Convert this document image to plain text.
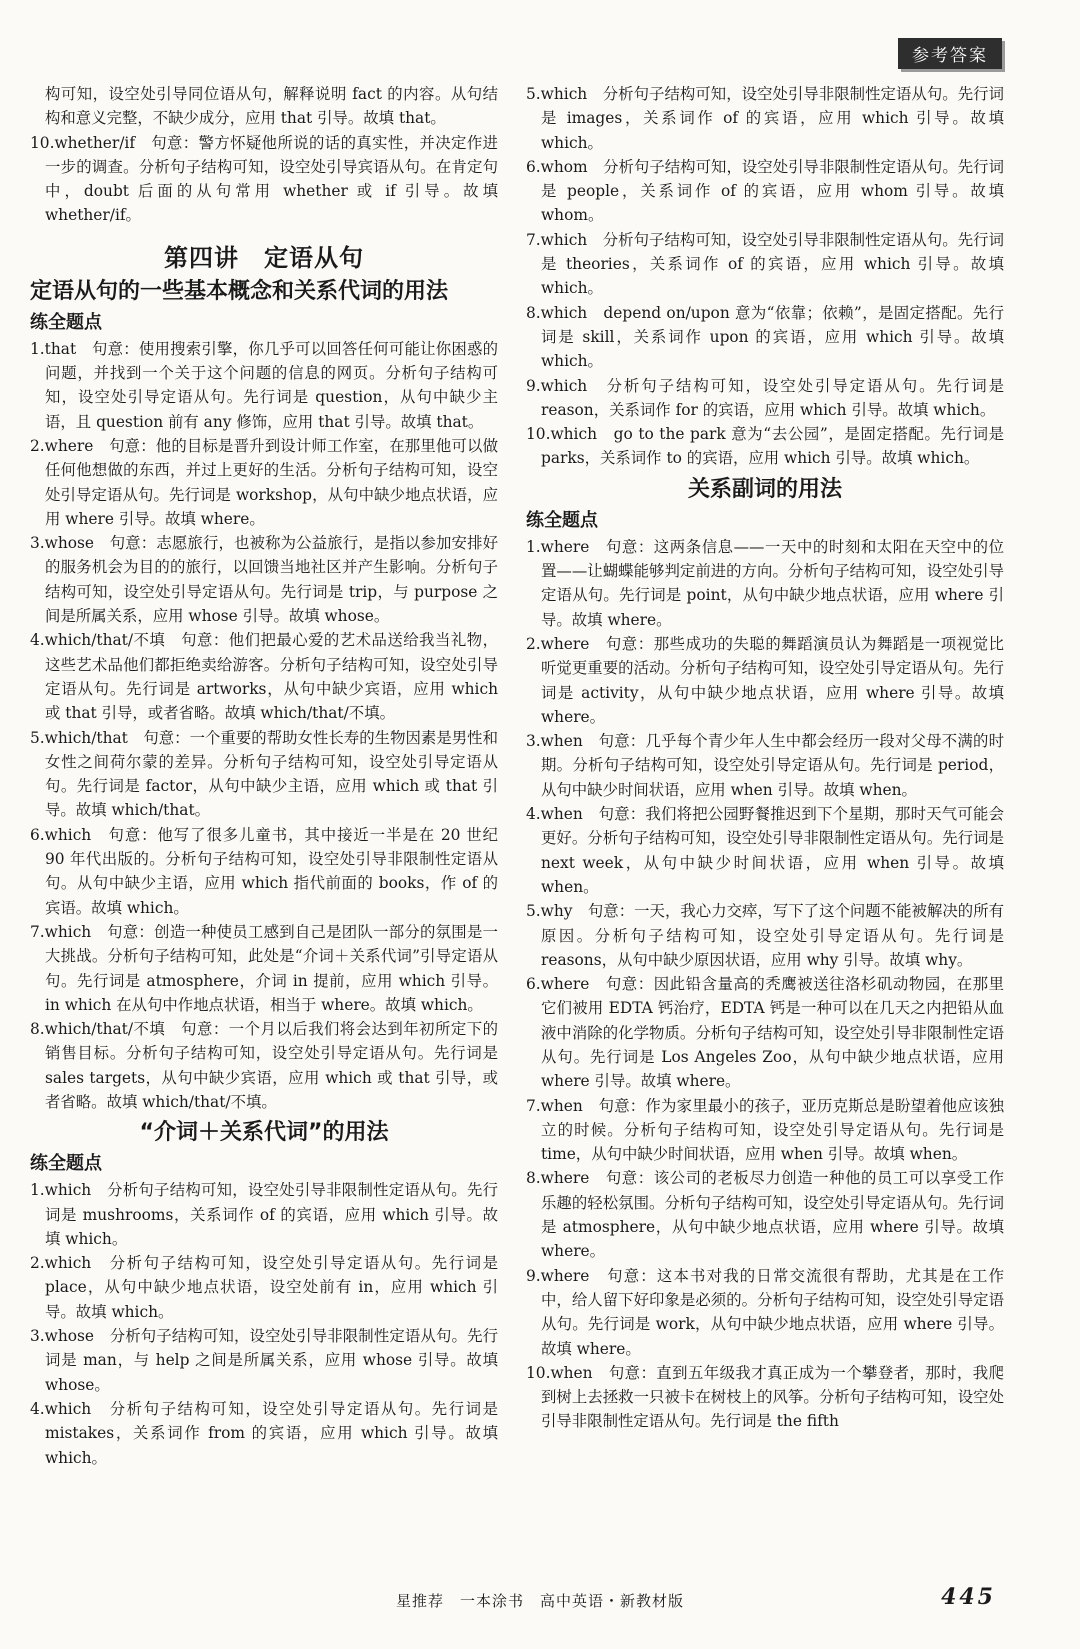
参考答案

构可知，设空处引导同位语从句，解释说明 fact 的内容。从句结构和意义完整，不缺少成分，应用 that 引导。故填 that。

10.whether/if　句意：警方怀疑他所说的话的真实性，并决定作进一步的调查。分析句子结构可知，设空处引导宾语从句。在肯定句中，doubt 后面的从句常用 whether 或 if 引导。故填 whether/if。

第四讲　定语从句
定语从句的一些基本概念和关系代词的用法
练全题点

1.that　句意：使用搜索引擎，你几乎可以回答任何可能让你困惑的问题，并找到一个关于这个问题的信息的网页。分析句子结构可知，设空处引导定语从句。先行词是 question，从句中缺少主语，且 question 前有 any 修饰，应用 that 引导。故填 that。

2.where　句意：他的目标是晋升到设计师工作室，在那里他可以做任何他想做的东西，并过上更好的生活。分析句子结构可知，设空处引导定语从句。先行词是 workshop，从句中缺少地点状语，应用 where 引导。故填 where。

3.whose　句意：志愿旅行，也被称为公益旅行，是指以参加安排好的服务机会为目的的旅行，以回馈当地社区并产生影响。分析句子结构可知，设空处引导定语从句。先行词是 trip，与 purpose 之间是所属关系，应用 whose 引导。故填 whose。

4.which/that/不填　句意：他们把最心爱的艺术品送给我当礼物，这些艺术品他们都拒绝卖给游客。分析句子结构可知，设空处引导定语从句。先行词是 artworks，从句中缺少宾语，应用 which 或 that 引导，或者省略。故填 which/that/不填。

5.which/that　句意：一个重要的帮助女性长寿的生物因素是男性和女性之间荷尔蒙的差异。分析句子结构可知，设空处引导定语从句。先行词是 factor，从句中缺少主语，应用 which 或 that 引导。故填 which/that。

6.which　句意：他写了很多儿童书，其中接近一半是在 20 世纪 90 年代出版的。分析句子结构可知，设空处引导非限制性定语从句。从句中缺少主语，应用 which 指代前面的 books，作 of 的宾语。故填 which。

7.which　句意：创造一种使员工感到自己是团队一部分的氛围是一大挑战。分析句子结构可知，此处是“介词＋关系代词”引导定语从句。先行词是 atmosphere，介词 in 提前，应用 which 引导。in which 在从句中作地点状语，相当于 where。故填 which。

8.which/that/不填　句意：一个月以后我们将会达到年初所定下的销售目标。分析句子结构可知，设空处引导定语从句。先行词是 sales targets，从句中缺少宾语，应用 which 或 that 引导，或者省略。故填 which/that/不填。

“介词＋关系代词”的用法
练全题点

1.which　分析句子结构可知，设空处引导非限制性定语从句。先行词是 mushrooms，关系词作 of 的宾语，应用 which 引导。故填 which。

2.which　分析句子结构可知，设空处引导定语从句。先行词是 place，从句中缺少地点状语，设空处前有 in，应用 which 引导。故填 which。

3.whose　分析句子结构可知，设空处引导非限制性定语从句。先行词是 man，与 help 之间是所属关系，应用 whose 引导。故填 whose。

4.which　分析句子结构可知，设空处引导定语从句。先行词是 mistakes，关系词作 from 的宾语，应用 which 引导。故填 which。

5.which　分析句子结构可知，设空处引导非限制性定语从句。先行词是 images，关系词作 of 的宾语，应用 which 引导。故填 which。

6.whom　分析句子结构可知，设空处引导非限制性定语从句。先行词是 people，关系词作 of 的宾语，应用 whom 引导。故填 whom。

7.which　分析句子结构可知，设空处引导非限制性定语从句。先行词是 theories，关系词作 of 的宾语，应用 which 引导。故填 which。

8.which　depend on/upon 意为“依靠；依赖”，是固定搭配。先行词是 skill，关系词作 upon 的宾语，应用 which 引导。故填 which。

9.which　分析句子结构可知，设空处引导定语从句。先行词是 reason，关系词作 for 的宾语，应用 which 引导。故填 which。

10.which　go to the park 意为“去公园”，是固定搭配。先行词是 parks，关系词作 to 的宾语，应用 which 引导。故填 which。

关系副词的用法
练全题点

1.where　句意：这两条信息——一天中的时刻和太阳在天空中的位置——让蝴蝶能够判定前进的方向。分析句子结构可知，设空处引导定语从句。先行词是 point，从句中缺少地点状语，应用 where 引导。故填 where。

2.where　句意：那些成功的失聪的舞蹈演员认为舞蹈是一项视觉比听觉更重要的活动。分析句子结构可知，设空处引导定语从句。先行词是 activity，从句中缺少地点状语，应用 where 引导。故填 where。

3.when　句意：几乎每个青少年人生中都会经历一段对父母不满的时期。分析句子结构可知，设空处引导定语从句。先行词是 period，从句中缺少时间状语，应用 when 引导。故填 when。

4.when　句意：我们将把公园野餐推迟到下个星期，那时天气可能会更好。分析句子结构可知，设空处引导非限制性定语从句。先行词是 next week，从句中缺少时间状语，应用 when 引导。故填 when。

5.why　句意：一天，我心力交瘁，写下了这个问题不能被解决的所有原因。分析句子结构可知，设空处引导定语从句。先行词是 reasons，从句中缺少原因状语，应用 why 引导。故填 why。

6.where　句意：因此铅含量高的秃鹰被送往洛杉矶动物园，在那里它们被用 EDTA 钙治疗，EDTA 钙是一种可以在几天之内把铅从血液中消除的化学物质。分析句子结构可知，设空处引导非限制性定语从句。先行词是 Los Angeles Zoo，从句中缺少地点状语，应用 where 引导。故填 where。

7.when　句意：作为家里最小的孩子，亚历克斯总是盼望着他应该独立的时候。分析句子结构可知，设空处引导定语从句。先行词是 time，从句中缺少时间状语，应用 when 引导。故填 when。

8.where　句意：该公司的老板尽力创造一种他的员工可以享受工作乐趣的轻松氛围。分析句子结构可知，设空处引导定语从句。先行词是 atmosphere，从句中缺少地点状语，应用 where 引导。故填 where。

9.where　句意：这本书对我的日常交流很有帮助，尤其是在工作中，给人留下好印象是必须的。分析句子结构可知，设空处引导定语从句。先行词是 work，从句中缺少地点状语，应用 where 引导。故填 where。

10.when　句意：直到五年级我才真正成为一个攀登者，那时，我爬到树上去拯救一只被卡在树枝上的风筝。分析句子结构可知，设空处引导非限制性定语从句。先行词是 the fifth

星推荐　一本涂书　高中英语・新教材版	445
